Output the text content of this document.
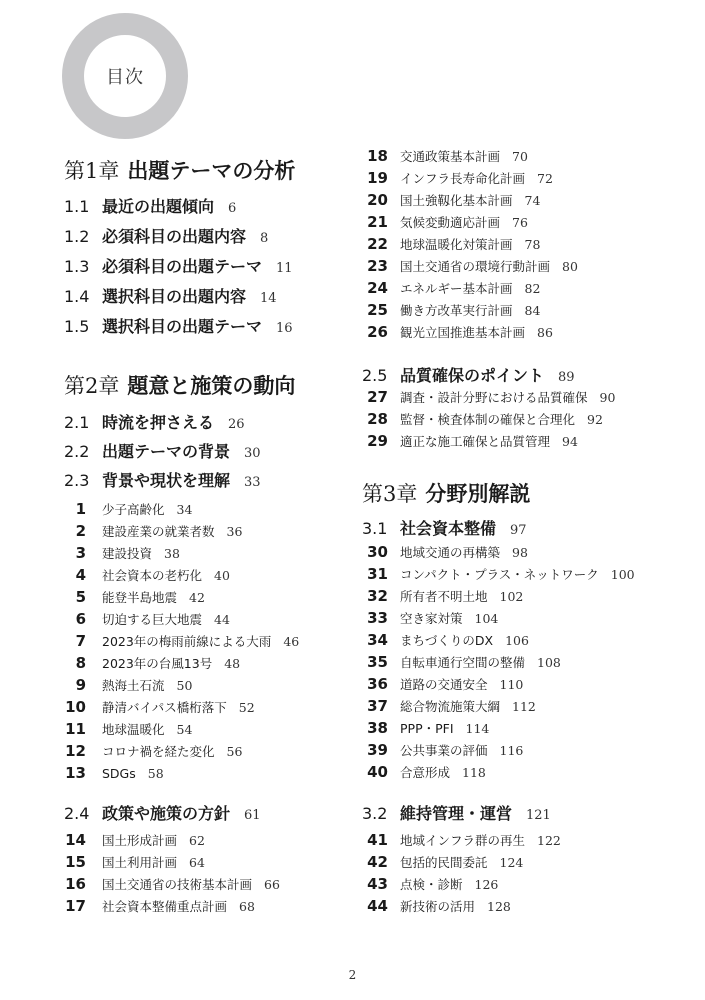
目次
第1章 出題テーマの分析
1.1 最近の出題傾向 6
1.2 必須科目の出題内容 8
1.3 必須科目の出題テーマ 11
1.4 選択科目の出題内容 14
1.5 選択科目の出題テーマ 16
第2章 題意と施策の動向
2.1 時流を押さえる 26
2.2 出題テーマの背景 30
2.3 背景や現状を理解 33
1 少子高齢化 34
2 建設産業の就業者数 36
3 建設投資 38
4 社会資本の老朽化 40
5 能登半島地震 42
6 切迫する巨大地震 44
7 2023年の梅雨前線による大雨 46
8 2023年の台風13号 48
9 熱海土石流 50
10 静清バイパス橋桁落下 52
11 地球温暖化 54
12 コロナ禍を経た変化 56
13 SDGs 58
2.4 政策や施策の方針 61
14 国土形成計画 62
15 国土利用計画 64
16 国土交通省の技術基本計画 66
17 社会資本整備重点計画 68
18 交通政策基本計画 70
19 インフラ長寿命化計画 72
20 国土強靱化基本計画 74
21 気候変動適応計画 76
22 地球温暖化対策計画 78
23 国土交通省の環境行動計画 80
24 エネルギー基本計画 82
25 働き方改革実行計画 84
26 観光立国推進基本計画 86
2.5 品質確保のポイント 89
27 調査・設計分野における品質確保 90
28 監督・検査体制の確保と合理化 92
29 適正な施工確保と品質管理 94
第3章 分野別解説
3.1 社会資本整備 97
30 地域交通の再構築 98
31 コンパクト・プラス・ネットワーク 100
32 所有者不明土地 102
33 空き家対策 104
34 まちづくりのDX 106
35 自転車通行空間の整備 108
36 道路の交通安全 110
37 総合物流施策大綱 112
38 PPP・PFI 114
39 公共事業の評価 116
40 合意形成 118
3.2 維持管理・運営 121
41 地域インフラ群の再生 122
42 包括的民間委託 124
43 点検・診断 126
44 新技術の活用 128
2
